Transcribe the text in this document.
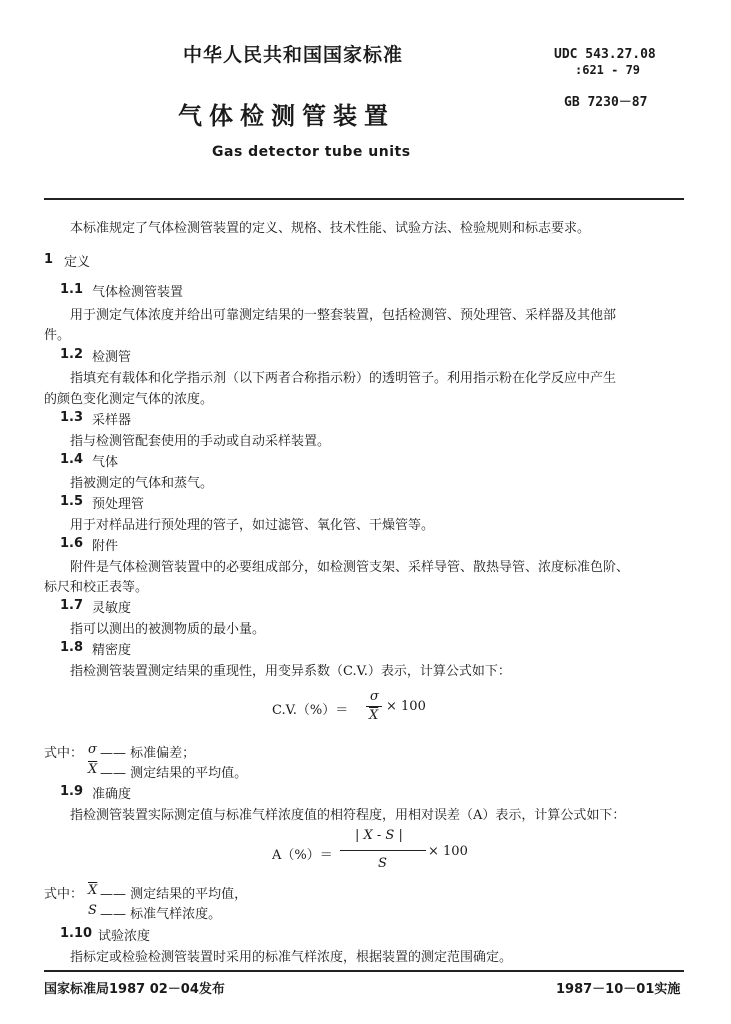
中华人民共和国国家标准	UDC 543.27.08
:621 - 79
气体检测管装置	GB 7230－87
Gas detector tube units
本标准规定了气体检测管装置的定义、规格、技术性能、试验方法、检验规则和标志要求。
1 定义
1.1 气体检测管装置
用于测定气体浓度并给出可靠测定结果的一整套装置，包括检测管、预处理管、采样器及其他部
件。
1.2 检测管
指填充有载体和化学指示剂（以下两者合称指示粉）的透明管子。利用指示粉在化学反应中产生
的颜色变化测定气体的浓度。
1.3 采样器
指与检测管配套使用的手动或自动采样装置。
1.4 气体
指被测定的气体和蒸气。
1.5 预处理管
用于对样品进行预处理的管子，如过滤管、氧化管、干燥管等。
1.6 附件
附件是气体检测管装置中的必要组成部分，如检测管支架、采样导管、散热导管、浓度标准色阶、
标尺和校正表等。
1.7 灵敏度
指可以测出的被测物质的最小量。
1.8 精密度
指检测管装置测定结果的重现性，用变异系数（C.V.）表示，计算公式如下：
C.V.（%）＝
σ
$\overline{X}$
× 100
式中： σ —— 标准偏差；
$\overline{X}$ —— 测定结果的平均值。
1.9 准确度
指检测管装置实际测定值与标准气样浓度值的相符程度，用相对误差（A）表示，计算公式如下：
A（%）＝
| X - S |
S
× 100
式中： $\overline{X}$ —— 测定结果的平均值，
S —— 标准气样浓度。
1.10 试验浓度
指标定或检验检测管装置时采用的标准气样浓度，根据装置的测定范围确定。
国家标准局1987 02－04发布	1987－10－01实施
